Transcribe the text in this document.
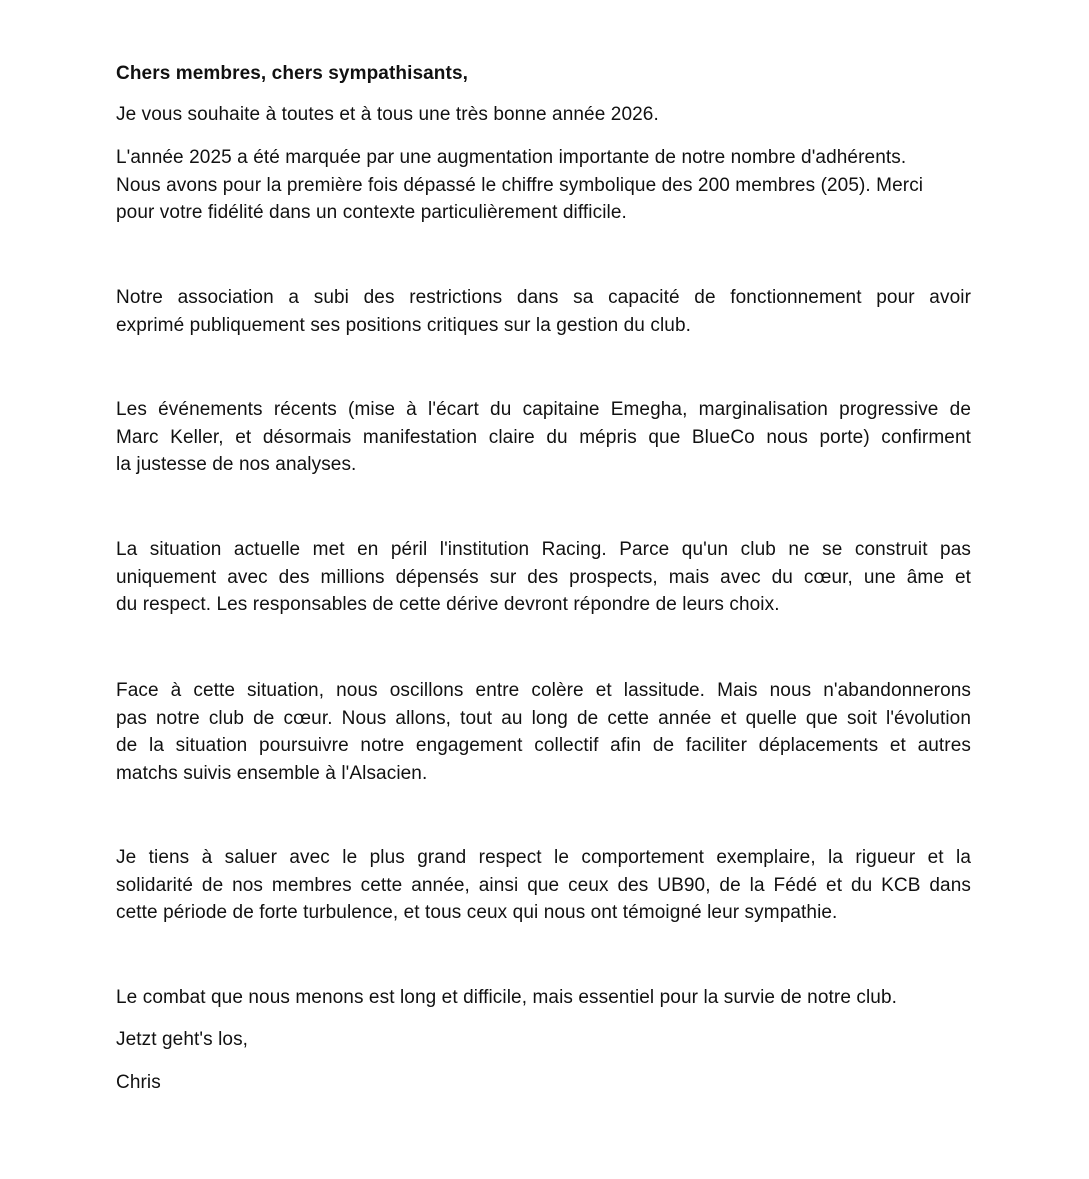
Chers membres, chers sympathisants,

Je vous souhaite à toutes et à tous une très bonne année 2026.

L'année 2025 a été marquée par une augmentation importante de notre nombre d'adhérents.
Nous avons pour la première fois dépassé le chiffre symbolique des 200 membres (205). Merci
pour votre fidélité dans un contexte particulièrement difficile.

Notre association a subi des restrictions dans sa capacité de fonctionnement pour avoir
exprimé publiquement ses positions critiques sur la gestion du club.

Les événements récents (mise à l'écart du capitaine Emegha, marginalisation progressive de
Marc Keller, et désormais manifestation claire du mépris que BlueCo nous porte) confirment
la justesse de nos analyses.

La situation actuelle met en péril l'institution Racing. Parce qu'un club ne se construit pas
uniquement avec des millions dépensés sur des prospects, mais avec du cœur, une âme et
du respect. Les responsables de cette dérive devront répondre de leurs choix.

Face à cette situation, nous oscillons entre colère et lassitude. Mais nous n'abandonnerons
pas notre club de cœur. Nous allons, tout au long de cette année et quelle que soit l'évolution
de la situation poursuivre notre engagement collectif afin de faciliter déplacements et autres
matchs suivis ensemble à l'Alsacien.

Je tiens à saluer avec le plus grand respect le comportement exemplaire, la rigueur et la
solidarité de nos membres cette année, ainsi que ceux des UB90, de la Fédé et du KCB dans
cette période de forte turbulence, et tous ceux qui nous ont témoigné leur sympathie.

Le combat que nous menons est long et difficile, mais essentiel pour la survie de notre club.

Jetzt geht's los,

Chris
